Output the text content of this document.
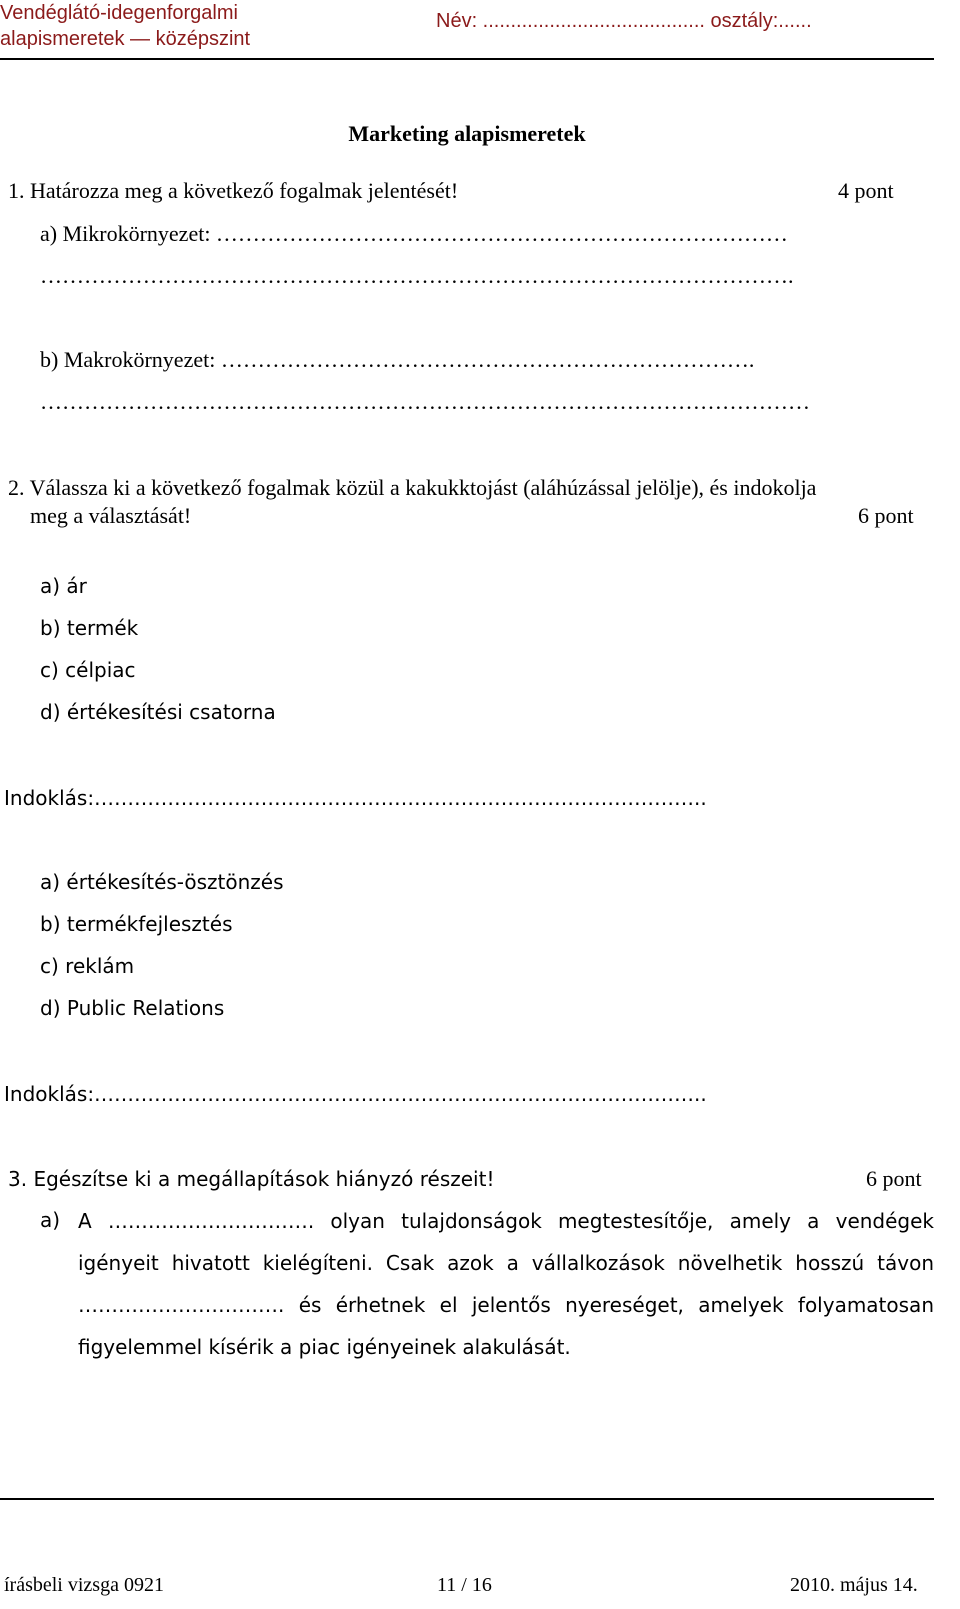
Vendéglátó-idegenforgalmi
alapismeretek — középszint
Név: ........................................ osztály:......
Marketing alapismeretek
1. Határozza meg a következő fogalmak jelentését!	4 pont
a) Mikrokörnyezet: ……………………………………………………………………
………………………………………………………………………………………….
b) Makrokörnyezet: ……………………………………………………………….
……………………………………………………………………………………………
2. Válassza ki a következő fogalmak közül a kakukktojást (aláhúzással jelölje), és indokolja
meg a választását!	6 pont
a) ár
b) termék
c) célpiac
d) értékesítési csatorna
Indoklás:………………………………………………………………………………..
a) értékesítés-ösztönzés
b) termékfejlesztés
c) reklám
d) Public Relations
Indoklás:………………………………………………………………………………..
3. Egészítse ki a megállapítások hiányzó részeit!	6 pont
a) A …………………………. olyan tulajdonságok megtestesítője, amely a vendégek igényeit hivatott kielégíteni. Csak azok a vállalkozások növelhetik hosszú távon …………………………. és érhetnek el jelentős nyereséget, amelyek folyamatosan figyelemmel kísérik a piac igényeinek alakulását.
írásbeli vizsga 0921	11 / 16	2010. május 14.
